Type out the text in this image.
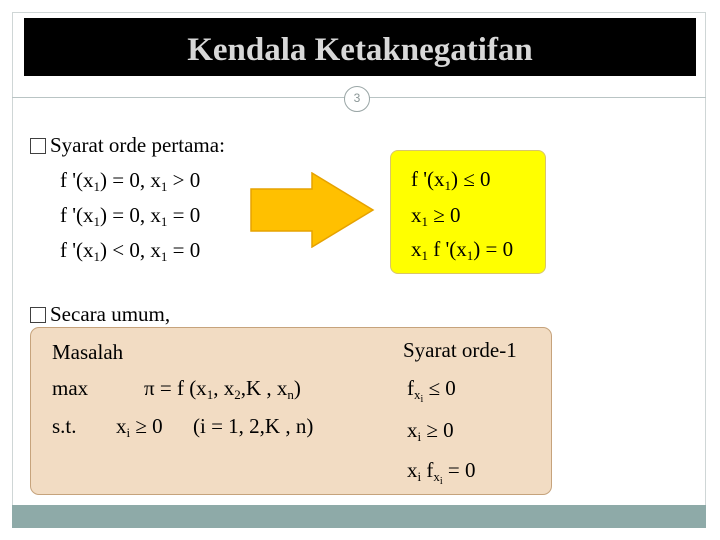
Kendala Ketaknegatifan
3
Syarat orde pertama:
f '$(x_1) = 0$, $x_1 > 0$
f '$(x_1) = 0$, $x_1 = 0$
f '$(x_1) < 0$, $x_1 = 0$
f '$(x_1) \le 0$
$x_1 \ge 0$
$x_1$ f '$(x_1) = 0$
Secara umum,
Masalah	Syarat orde-1
max	π = f (x1, x2,K , xn)
s.t. xi ≥ 0 (i = 1, 2,K , n)
$fx_i \le 0$
xi ≥ 0
xi $fx_i = 0$
